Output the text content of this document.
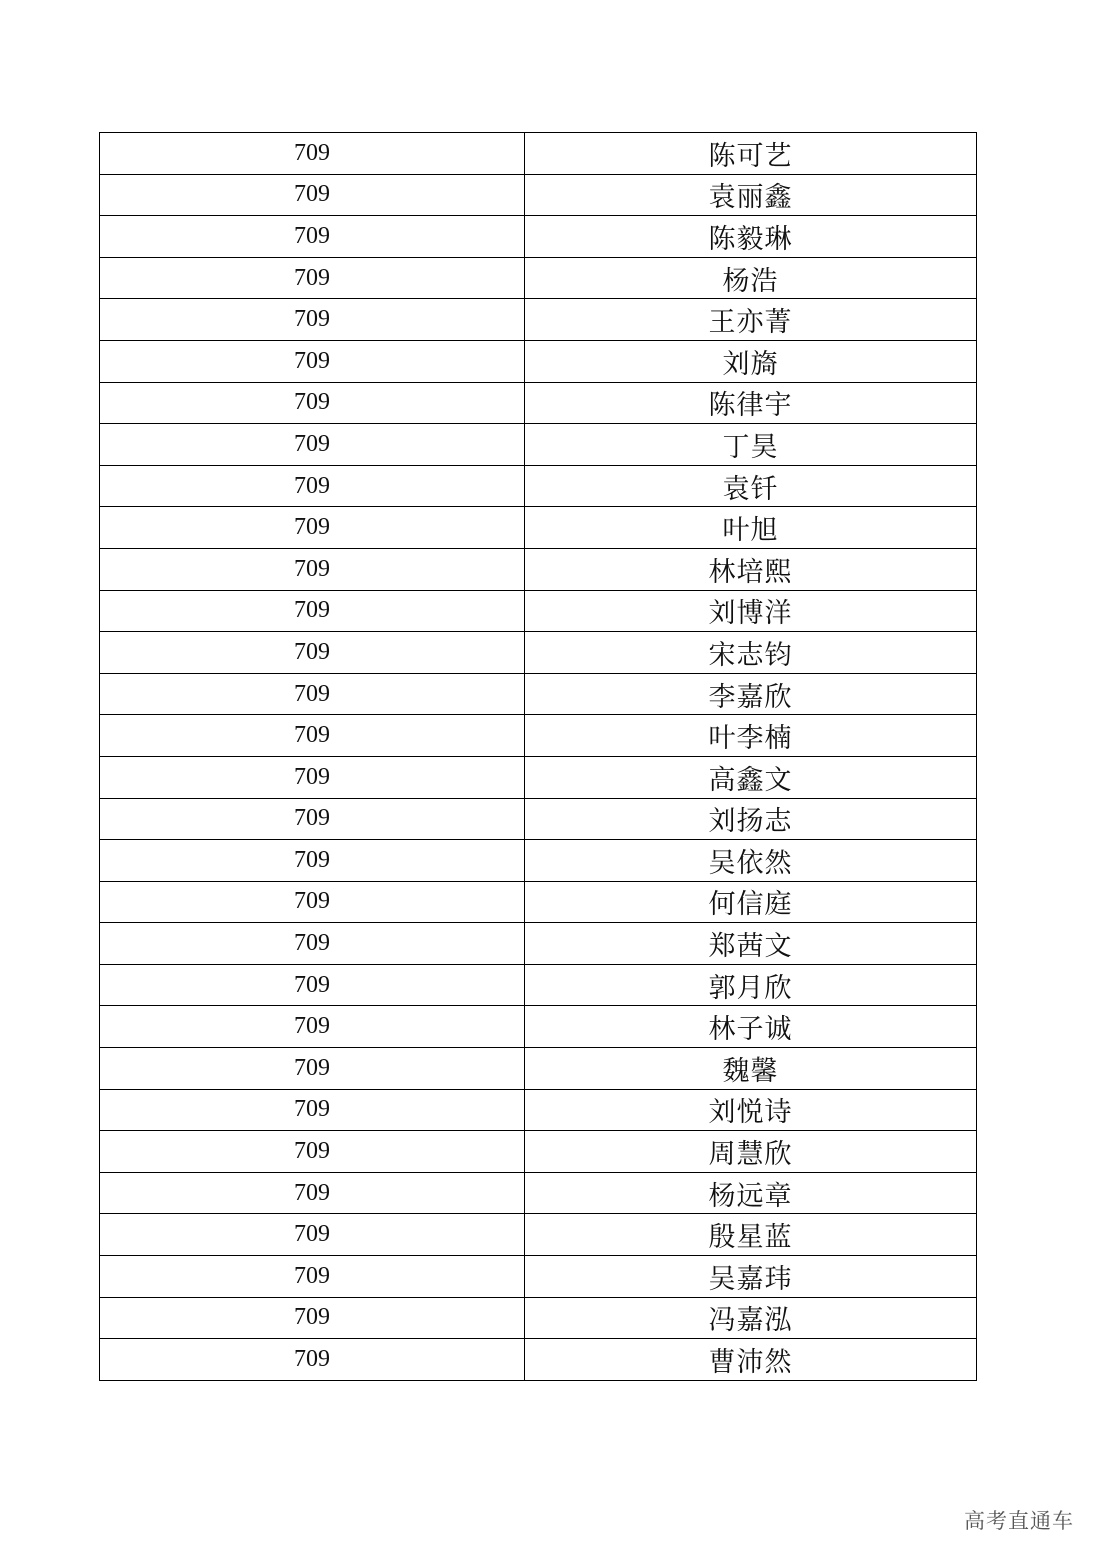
709	陈可艺
709	袁丽鑫
709	陈毅琳
709	杨浩
709	王亦菁
709	刘旖
709	陈律宇
709	丁昊
709	袁钎
709	叶旭
709	林培熙
709	刘博洋
709	宋志钧
709	李嘉欣
709	叶李楠
709	高鑫文
709	刘扬志
709	吴依然
709	何信庭
709	郑茜文
709	郭月欣
709	林子诚
709	魏馨
709	刘悦诗
709	周慧欣
709	杨远章
709	殷星蓝
709	吴嘉玮
709	冯嘉泓
709	曹沛然
高考直通车
